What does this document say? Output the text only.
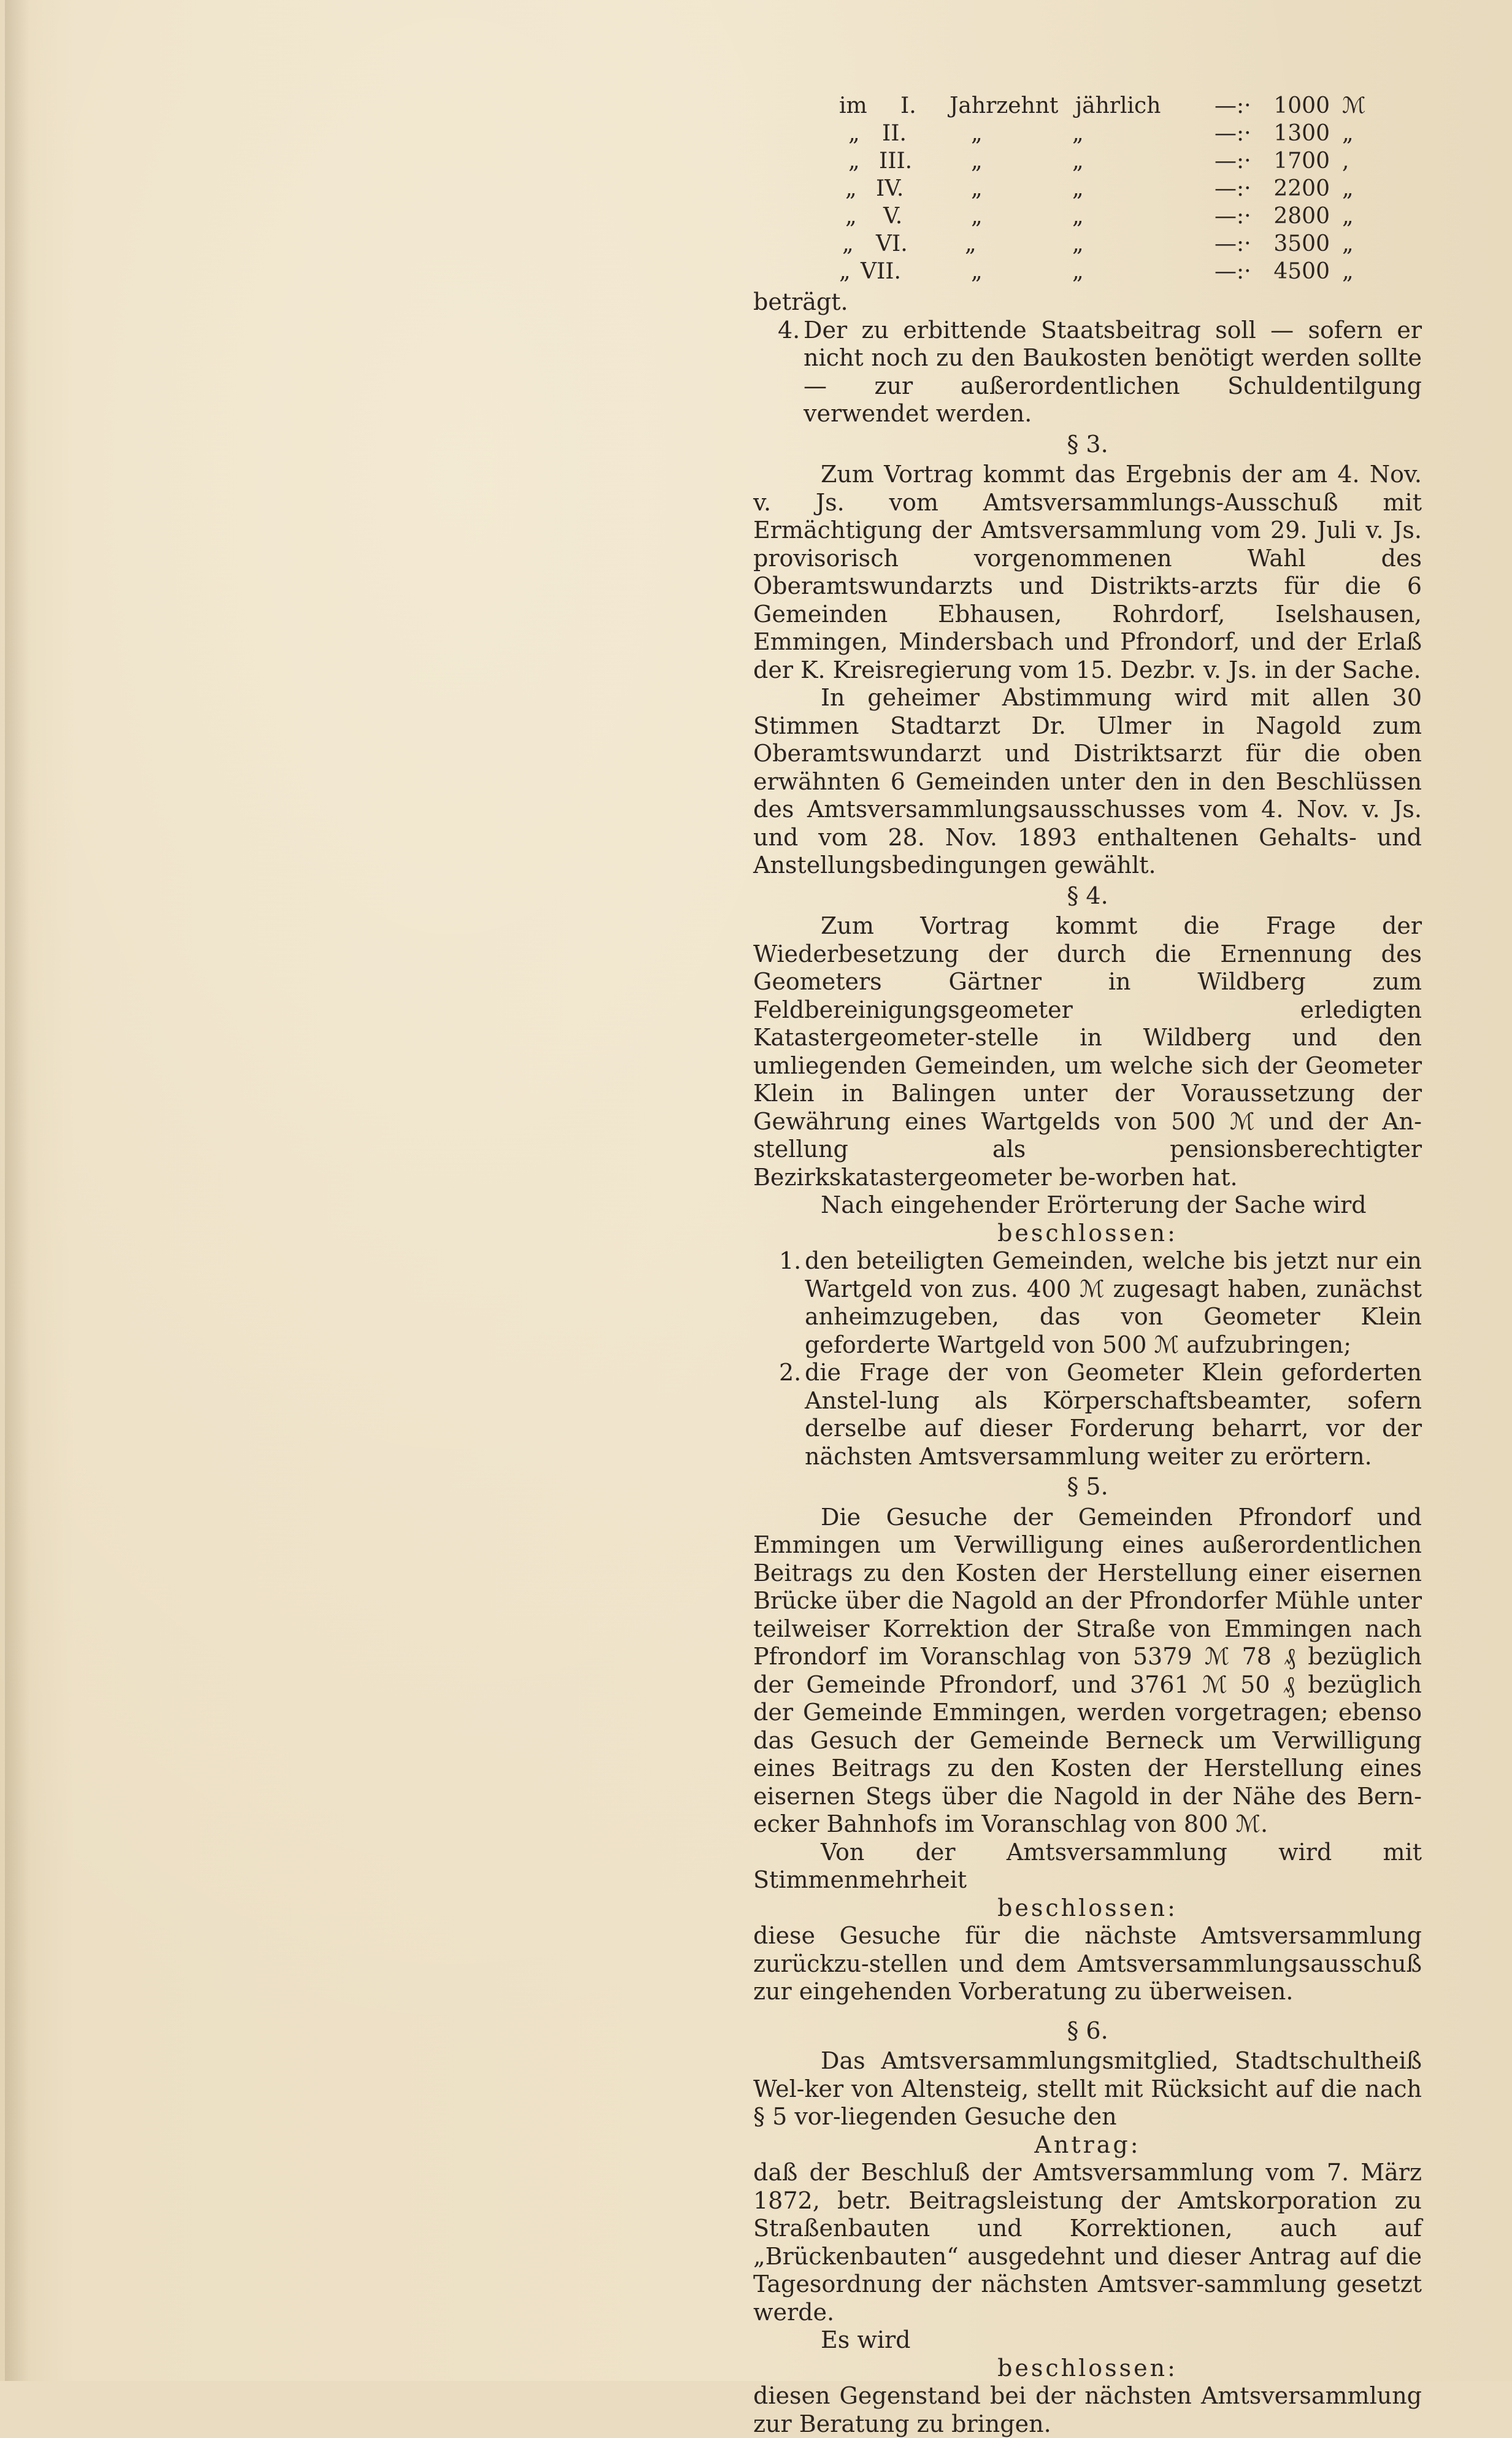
im I. Jahrzehnt jährlich —:·	1000 ℳ
„ II.	„	„	—:·	1300 „
„ III.	„	„	—:·	1700 ,
„ IV.	„	„	—:·	2200 „
„ V.	„	„	—:·	2800 „
„ VI.	„	„	—:·	3500 „
„ VII.	„	„	—:·	4500 „

beträgt.

4. Der zu erbittende Staatsbeitrag soll — sofern er nicht noch zu den Baukosten benötigt werden sollte — zur außerordentlichen Schuldentilgung verwendet werden.
§ 3.

Zum Vortrag kommt das Ergebnis der am 4. Nov. v. Js. vom Amtsversammlungs-Ausschuß mit Ermächtigung der Amtsversammlung vom 29. Juli v. Js. provisorisch vorgenommenen Wahl des Oberamtswundarzts und Distrikts-arzts für die 6 Gemeinden Ebhausen, Rohrdorf, Iselshausen, Emmingen, Mindersbach und Pfrondorf, und der Erlaß der K. Kreisregierung vom 15. Dezbr. v. Js. in der Sache.

In geheimer Abstimmung wird mit allen 30 Stimmen Stadtarzt Dr. Ulmer in Nagold zum Oberamtswundarzt und Distriktsarzt für die oben erwähnten 6 Gemeinden unter den in den Beschlüssen des Amtsversammlungsausschusses vom 4. Nov. v. Js. und vom 28. Nov. 1893 enthaltenen Gehalts- und Anstellungsbedingungen gewählt.

§ 4.

Zum Vortrag kommt die Frage der Wiederbesetzung der durch die Ernennung des Geometers Gärtner in Wildberg zum Feldbereinigungsgeometer erledigten Katastergeometer-stelle in Wildberg und den umliegenden Gemeinden, um welche sich der Geometer Klein in Balingen unter der Voraussetzung der Gewährung eines Wartgelds von 500 ℳ und der An-stellung als pensionsberechtigter Bezirkskatastergeometer be-worben hat.

Nach eingehender Erörterung der Sache wird

beschlossen:
1. den beteiligten Gemeinden, welche bis jetzt nur ein Wartgeld von zus. 400 ℳ zugesagt haben, zunächst anheimzugeben, das von Geometer Klein geforderte Wartgeld von 500 ℳ aufzubringen;
2. die Frage der von Geometer Klein geforderten Anstel-lung als Körperschaftsbeamter, sofern derselbe auf dieser Forderung beharrt, vor der nächsten Amtsversammlung weiter zu erörtern.
§ 5.

Die Gesuche der Gemeinden Pfrondorf und Emmingen um Verwilligung eines außerordentlichen Beitrags zu den Kosten der Herstellung einer eisernen Brücke über die Nagold an der Pfrondorfer Mühle unter teilweiser Korrektion der Straße von Emmingen nach Pfrondorf im Voranschlag von 5379 ℳ 78 ₰ bezüglich der Gemeinde Pfrondorf, und 3761 ℳ 50 ₰ bezüglich der Gemeinde Emmingen, werden vorgetragen; ebenso das Gesuch der Gemeinde Berneck um Verwilligung eines Beitrags zu den Kosten der Herstellung eines eisernen Stegs über die Nagold in der Nähe des Bern-ecker Bahnhofs im Voranschlag von 800 ℳ.

Von der Amtsversammlung wird mit Stimmenmehrheit

beschlossen:

diese Gesuche für die nächste Amtsversammlung zurückzu-stellen und dem Amtsversammlungsausschuß zur eingehenden Vorberatung zu überweisen.

§ 6.

Das Amtsversammlungsmitglied, Stadtschultheiß Wel-ker von Altensteig, stellt mit Rücksicht auf die nach § 5 vor-liegenden Gesuche den

Antrag:

daß der Beschluß der Amtsversammlung vom 7. März 1872, betr. Beitragsleistung der Amtskorporation zu Straßenbauten und Korrektionen, auch auf „Brückenbauten“ ausgedehnt und dieser Antrag auf die Tagesordnung der nächsten Amtsver-sammlung gesetzt werde.

Es wird

beschlossen:

diesen Gegenstand bei der nächsten Amtsversammlung zur Beratung zu bringen.
